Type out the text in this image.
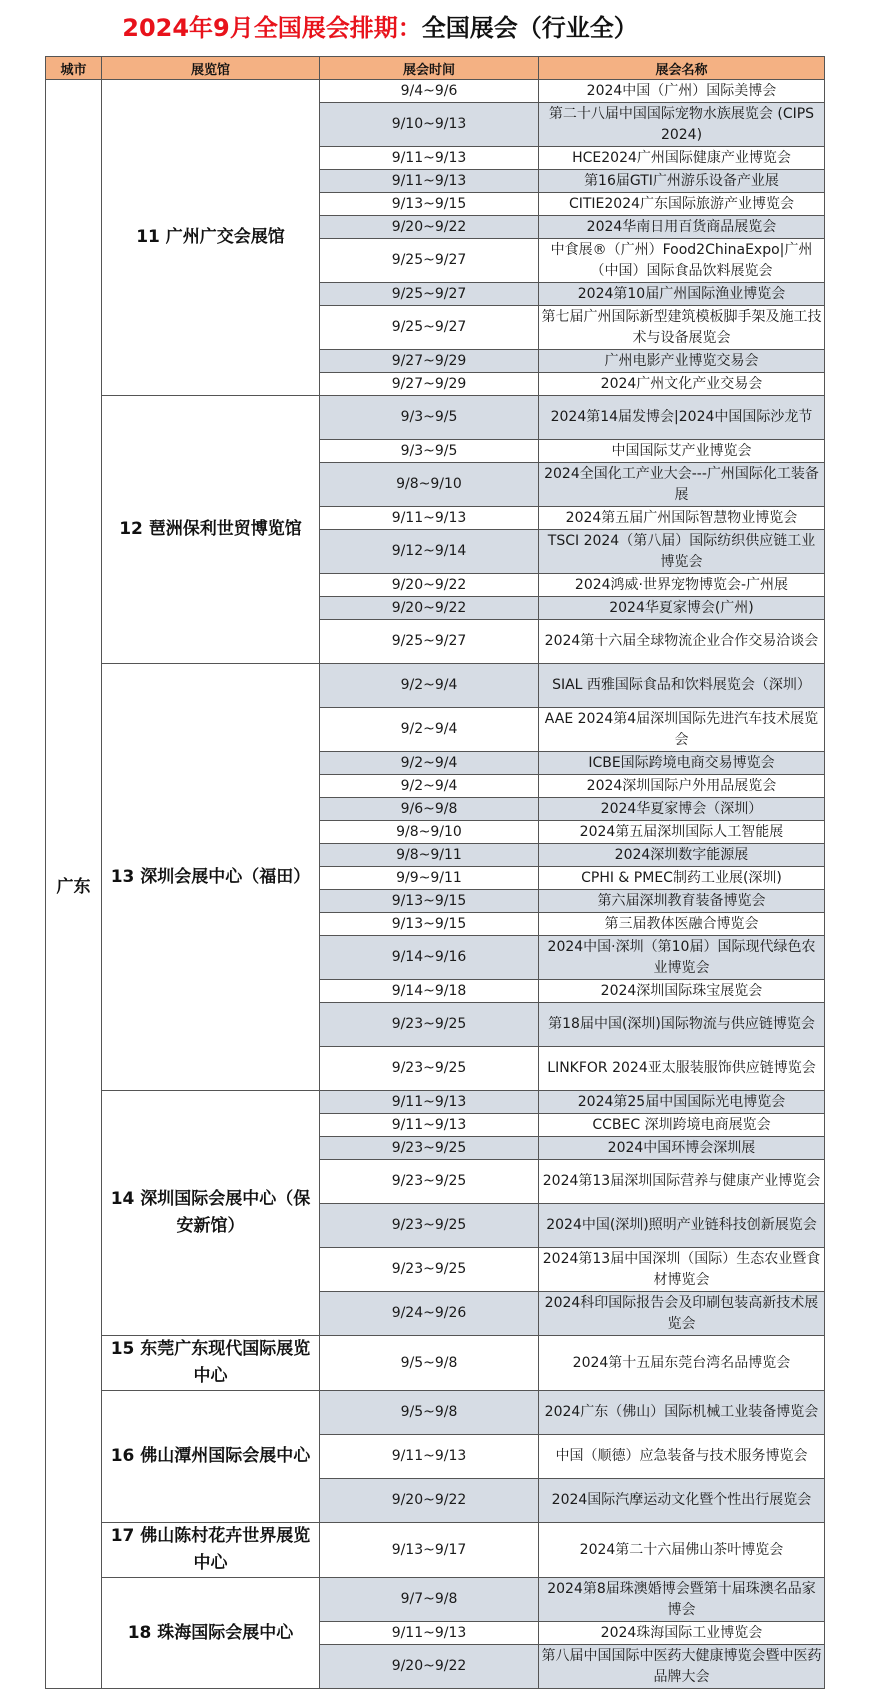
2024年9月全国展会排期：全国展会（行业全）
城市	展览馆	展会时间	展会名称
广东	11 广州广交会展馆	9/4~9/6	2024中国（广州）国际美博会
		9/10~9/13	第二十八届中国国际宠物水族展览会 (CIPS 2024)
		9/11~9/13	HCE2024广州国际健康产业博览会
		9/11~9/13	第16届GTI广州游乐设备产业展
		9/13~9/15	CITIE2024广东国际旅游产业博览会
		9/20~9/22	2024华南日用百货商品展览会
		9/25~9/27	中食展®（广州）Food2ChinaExpo|广州（中国）国际食品饮料展览会
		9/25~9/27	2024第10届广州国际渔业博览会
		9/25~9/27	第七届广州国际新型建筑模板脚手架及施工技术与设备展览会
		9/27~9/29	广州电影产业博览交易会
		9/27~9/29	2024广州文化产业交易会
	12 琶洲保利世贸博览馆	9/3~9/5	2024第14届发博会|2024中国国际沙龙节
		9/3~9/5	中国国际艾产业博览会
		9/8~9/10	2024全国化工产业大会---广州国际化工装备展
		9/11~9/13	2024第五届广州国际智慧物业博览会
		9/12~9/14	TSCI 2024（第八届）国际纺织供应链工业博览会
		9/20~9/22	2024鸿威·世界宠物博览会-广州展
		9/20~9/22	2024华夏家博会(广州)
		9/25~9/27	2024第十六届全球物流企业合作交易洽谈会
	13 深圳会展中心（福田）	9/2~9/4	SIAL 西雅国际食品和饮料展览会（深圳）
		9/2~9/4	AAE 2024第4届深圳国际先进汽车技术展览会
		9/2~9/4	ICBE国际跨境电商交易博览会
		9/2~9/4	2024深圳国际户外用品展览会
		9/6~9/8	2024华夏家博会（深圳）
		9/8~9/10	2024第五届深圳国际人工智能展
		9/8~9/11	2024深圳数字能源展
		9/9~9/11	CPHI & PMEC制药工业展(深圳)
		9/13~9/15	第六届深圳教育装备博览会
		9/13~9/15	第三届教体医融合博览会
		9/14~9/16	2024中国·深圳（第10届）国际现代绿色农业博览会
		9/14~9/18	2024深圳国际珠宝展览会
		9/23~9/25	第18届中国(深圳)国际物流与供应链博览会
		9/23~9/25	LINKFOR 2024亚太服装服饰供应链博览会
	14 深圳国际会展中心（保安新馆）	9/11~9/13	2024第25届中国国际光电博览会
		9/11~9/13	CCBEC 深圳跨境电商展览会
		9/23~9/25	2024中国环博会深圳展
		9/23~9/25	2024第13届深圳国际营养与健康产业博览会
		9/23~9/25	2024中国(深圳)照明产业链科技创新展览会
		9/23~9/25	2024第13届中国深圳（国际）生态农业暨食材博览会
		9/24~9/26	2024科印国际报告会及印刷包装高新技术展览会
	15 东莞广东现代国际展览中心	9/5~9/8	2024第十五届东莞台湾名品博览会
	16 佛山潭州国际会展中心	9/5~9/8	2024广东（佛山）国际机械工业装备博览会
		9/11~9/13	中国（顺德）应急装备与技术服务博览会
		9/20~9/22	2024国际汽摩运动文化暨个性出行展览会
	17 佛山陈村花卉世界展览中心	9/13~9/17	2024第二十六届佛山茶叶博览会
	18 珠海国际会展中心	9/7~9/8	2024第8届珠澳婚博会暨第十届珠澳名品家博会
		9/11~9/13	2024珠海国际工业博览会
		9/20~9/22	第八届中国国际中医药大健康博览会暨中医药品牌大会
